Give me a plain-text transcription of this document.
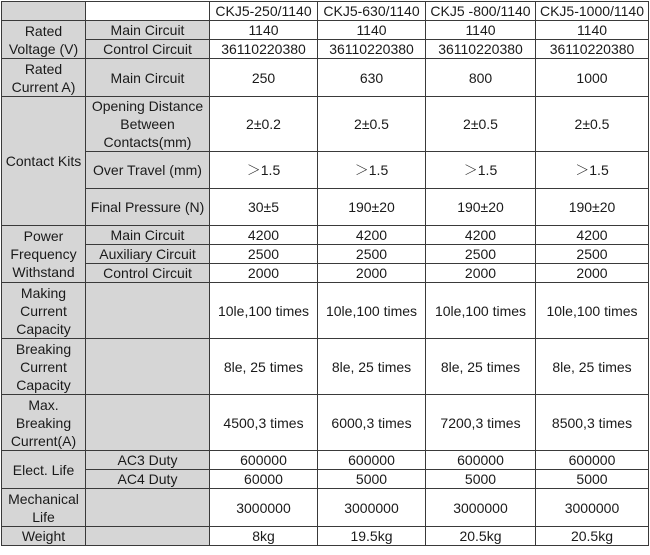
		CKJ5-250/1140	CKJ5-630/1140	CKJ5 -800/1140	CKJ5-1000/1140
Rated Voltage (V)	Main Circuit	1140	1140	1140	1140
	Control Circuit	36110220380	36110220380	36110220380	36110220380
Rated Current A)	Main Circuit	250	630	800	1000
Contact Kits	Opening Distance Between Contacts(mm)	2±0.2	2±0.5	2±0.5	2±0.5
	Over Travel (mm)	＞1.5	＞1.5	＞1.5	＞1.5
	Final Pressure (N)	30±5	190±20	190±20	190±20
Power Frequency Withstand	Main Circuit	4200	4200	4200	4200
	Auxiliary Circuit	2500	2500	2500	2500
	Control Circuit	2000	2000	2000	2000
Making Current Capacity		10le,100 times	10le,100 times	10le,100 times	10le,100 times
Breaking Current Capacity		8le, 25 times	8le, 25 times	8le, 25 times	8le, 25 times
Max. Breaking Current(A)		4500,3 times	6000,3 times	7200,3 times	8500,3 times
Elect. Life	AC3 Duty	600000	600000	600000	600000
	AC4 Duty	60000	5000	5000	5000
Mechanical Life		3000000	3000000	3000000	3000000
Weight		8kg	19.5kg	20.5kg	20.5kg
